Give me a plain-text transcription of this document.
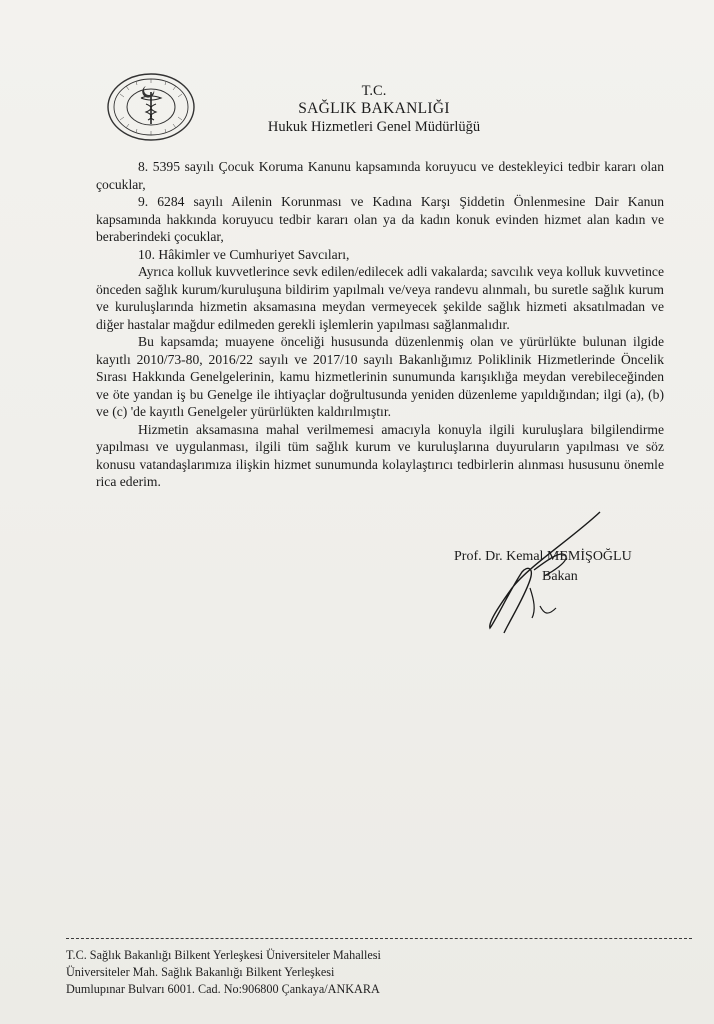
T.C.
SAĞLIK BAKANLIĞI
Hukuk Hizmetleri Genel Müdürlüğü

8. 5395 sayılı Çocuk Koruma Kanunu kapsamında koruyucu ve destekleyici tedbir kararı olan çocuklar,

9. 6284 sayılı Ailenin Korunması ve Kadına Karşı Şiddetin Önlenmesine Dair Kanun kapsamında hakkında koruyucu tedbir kararı olan ya da kadın konuk evinden hizmet alan kadın ve beraberindeki çocuklar,

10. Hâkimler ve Cumhuriyet Savcıları,

Ayrıca kolluk kuvvetlerince sevk edilen/edilecek adli vakalarda; savcılık veya kolluk kuvvetince önceden sağlık kurum/kuruluşuna bildirim yapılmalı ve/veya randevu alınmalı, bu suretle sağlık kurum ve kuruluşlarında hizmetin aksamasına meydan vermeyecek şekilde sağlık hizmeti aksatılmadan ve diğer hastalar mağdur edilmeden gerekli işlemlerin yapılması sağlanmalıdır.

Bu kapsamda; muayene önceliği hususunda düzenlenmiş olan ve yürürlükte bulunan ilgide kayıtlı 2010/73-80, 2016/22 sayılı ve 2017/10 sayılı Bakanlığımız Poliklinik Hizmetlerinde Öncelik Sırası Hakkında Genelgelerinin, kamu hizmetlerinin sunumunda karışıklığa meydan verebileceğinden ve öte yandan iş bu Genelge ile ihtiyaçlar doğrultusunda yeniden düzenleme yapıldığından; ilgi (a), (b) ve (c) 'de kayıtlı Genelgeler yürürlükten kaldırılmıştır.

Hizmetin aksamasına mahal verilmemesi amacıyla konuyla ilgili kuruluşlara bilgilendirme yapılması ve uygulanması, ilgili tüm sağlık kurum ve kuruluşlarına duyuruların yapılması ve söz konusu vatandaşlarımıza ilişkin hizmet sunumunda kolaylaştırıcı tedbirlerin alınması hususunu önemle rica ederim.

Prof. Dr. Kemal MEMİŞOĞLU
Bakan
T.C. Sağlık Bakanlığı Bilkent Yerleşkesi Üniversiteler Mahallesi
Üniversiteler Mah. Sağlık Bakanlığı Bilkent Yerleşkesi
Dumlupınar Bulvarı 6001. Cad. No:906800 Çankaya/ANKARA
